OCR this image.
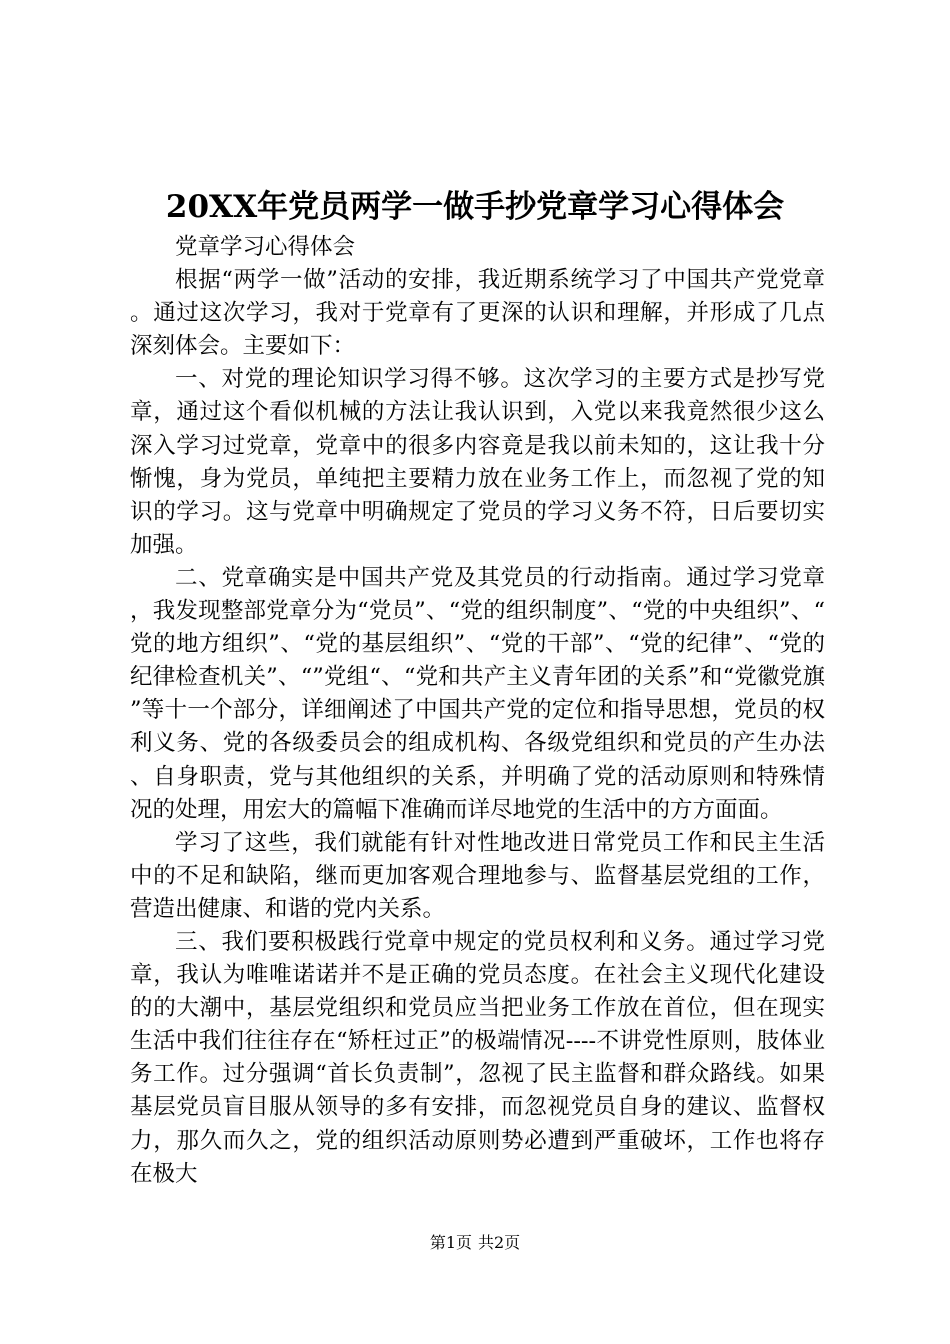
20XX年党员两学一做手抄党章学习心得体会

党章学习心得体会

根据“两学一做”活动的安排，我近期系统学习了中国共产党党章。通过这次学习，我对于党章有了更深的认识和理解，并形成了几点深刻体会。主要如下：

一、对党的理论知识学习得不够。这次学习的主要方式是抄写党章，通过这个看似机械的方法让我认识到，入党以来我竟然很少这么深入学习过党章，党章中的很多内容竟是我以前未知的，这让我十分惭愧，身为党员，单纯把主要精力放在业务工作上，而忽视了党的知识的学习。这与党章中明确规定了党员的学习义务不符，日后要切实加强。

二、党章确实是中国共产党及其党员的行动指南。通过学习党章，我发现整部党章分为“党员”、“党的组织制度”、“党的中央组织”、“党的地方组织”、“党的基层组织”、“党的干部”、“党的纪律”、“党的纪律检查机关”、“”党组“、“党和共产主义青年团的关系”和“党徽党旗”等十一个部分，详细阐述了中国共产党的定位和指导思想，党员的权利义务、党的各级委员会的组成机构、各级党组织和党员的产生办法、自身职责，党与其他组织的关系，并明确了党的活动原则和特殊情况的处理，用宏大的篇幅下准确而详尽地党的生活中的方方面面。

学习了这些，我们就能有针对性地改进日常党员工作和民主生活中的不足和缺陷，继而更加客观合理地参与、监督基层党组的工作，营造出健康、和谐的党内关系。

三、我们要积极践行党章中规定的党员权利和义务。通过学习党章，我认为唯唯诺诺并不是正确的党员态度。在社会主义现代化建设的的大潮中，基层党组织和党员应当把业务工作放在首位，但在现实生活中我们往往存在“矫枉过正”的极端情况----不讲党性原则，肢体业务工作。过分强调“首长负责制”，忽视了民主监督和群众路线。如果基层党员盲目服从领导的多有安排，而忽视党员自身的建议、监督权力，那久而久之，党的组织活动原则势必遭到严重破坏，工作也将存在极大

第1页 共2页
